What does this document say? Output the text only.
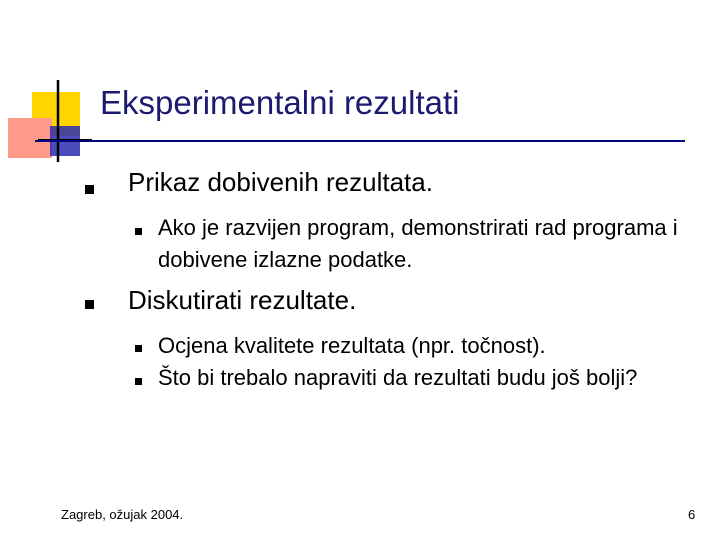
Eksperimentalni rezultati
Prikaz dobivenih rezultata.
Ako je razvijen program, demonstrirati rad programa i dobivene izlazne podatke.
Diskutirati rezultate.
Ocjena kvalitete rezultata (npr. točnost).
Što bi trebalo napraviti da rezultati budu još bolji?
Zagreb, ožujak 2004.	6
